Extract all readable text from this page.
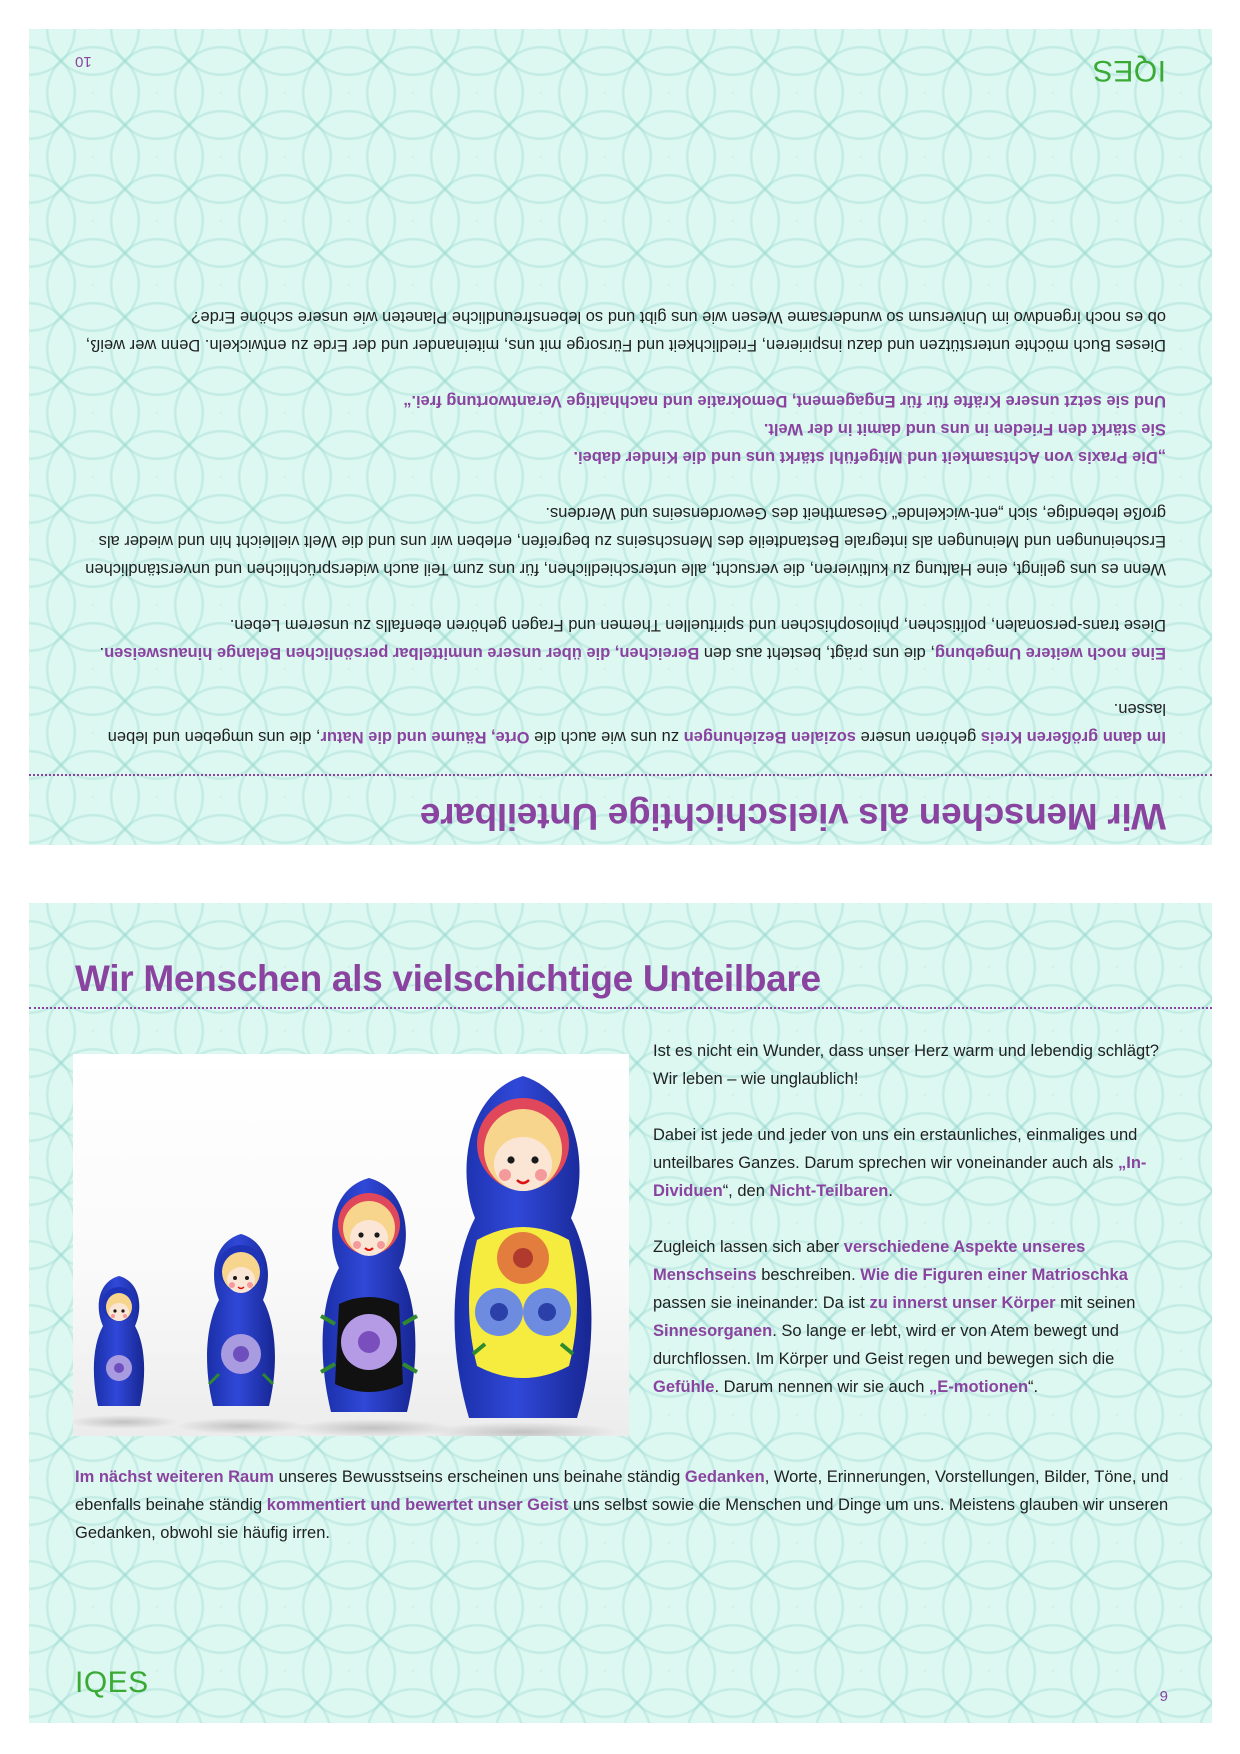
Wir Menschen als vielschichtige Unteilbare

Im dann größeren Kreis gehören unsere sozialen Beziehungen zu uns wie auch die Orte, Räume und die Natur, die uns umgeben und leben lassen.

Eine noch weitere Umgebung, die uns prägt, besteht aus den Bereichen, die über unsere unmittelbar persönlichen Belange hinausweisen. Diese trans-personalen, politischen, philosophischen und spirituellen Themen und Fragen gehören ebenfalls zu unserem Leben.

Wenn es uns gelingt, eine Haltung zu kultivieren, die versucht, alle unterschiedlichen, für uns zum Teil auch widersprüchlichen und unverständlichen Erscheinungen und Meinungen als integrale Bestandteile des Menschseins zu begreifen, erleben wir uns und die Welt vielleicht hin und wieder als große lebendige, sich „ent-wickelnde“ Gesamtheit des Gewordenseins und Werdens.

„Die Praxis von Achtsamkeit und Mitgefühl stärkt uns und die Kinder dabei.
Sie stärkt den Frieden in uns und damit in der Welt.
Und sie setzt unsere Kräfte für für Engagement, Demokratie und nachhaltige Verantwortung frei.“

Dieses Buch möchte unterstützen und dazu inspirieren, Friedlichkeit und Fürsorge mit uns, miteinander und der Erde zu entwickeln. Denn wer weiß, ob es noch irgendwo im Universum so wundersame Wesen wie uns gibt und so lebensfreundliche Planeten wie unsere schöne Erde?

IQES
10
Wir Menschen als vielschichtige Unteilbare

Ist es nicht ein Wunder, dass unser Herz warm und lebendig schlägt?
Wir leben – wie unglaublich!

Dabei ist jede und jeder von uns ein erstaunliches, einmaliges und unteilbares Ganzes. Darum sprechen wir voneinander auch als „In-Dividuen“, den Nicht-Teilbaren.

Zugleich lassen sich aber verschiedene Aspekte unseres Menschseins beschreiben. Wie die Figuren einer Matrioschka passen sie ineinander: Da ist zu innerst unser Körper mit seinen Sinnesorganen. So lange er lebt, wird er von Atem bewegt und durchflossen. Im Körper und Geist regen und bewegen sich die Gefühle. Darum nennen wir sie auch „E-motionen“.

Im nächst weiteren Raum unseres Bewusstseins erscheinen uns beinahe ständig Gedanken, Worte, Erinnerungen, Vorstellungen, Bilder, Töne, und ebenfalls beinahe ständig kommentiert und bewertet unser Geist uns selbst sowie die Menschen und Dinge um uns. Meistens glauben wir unseren Gedanken, obwohl sie häufig irren.

IQES	9
